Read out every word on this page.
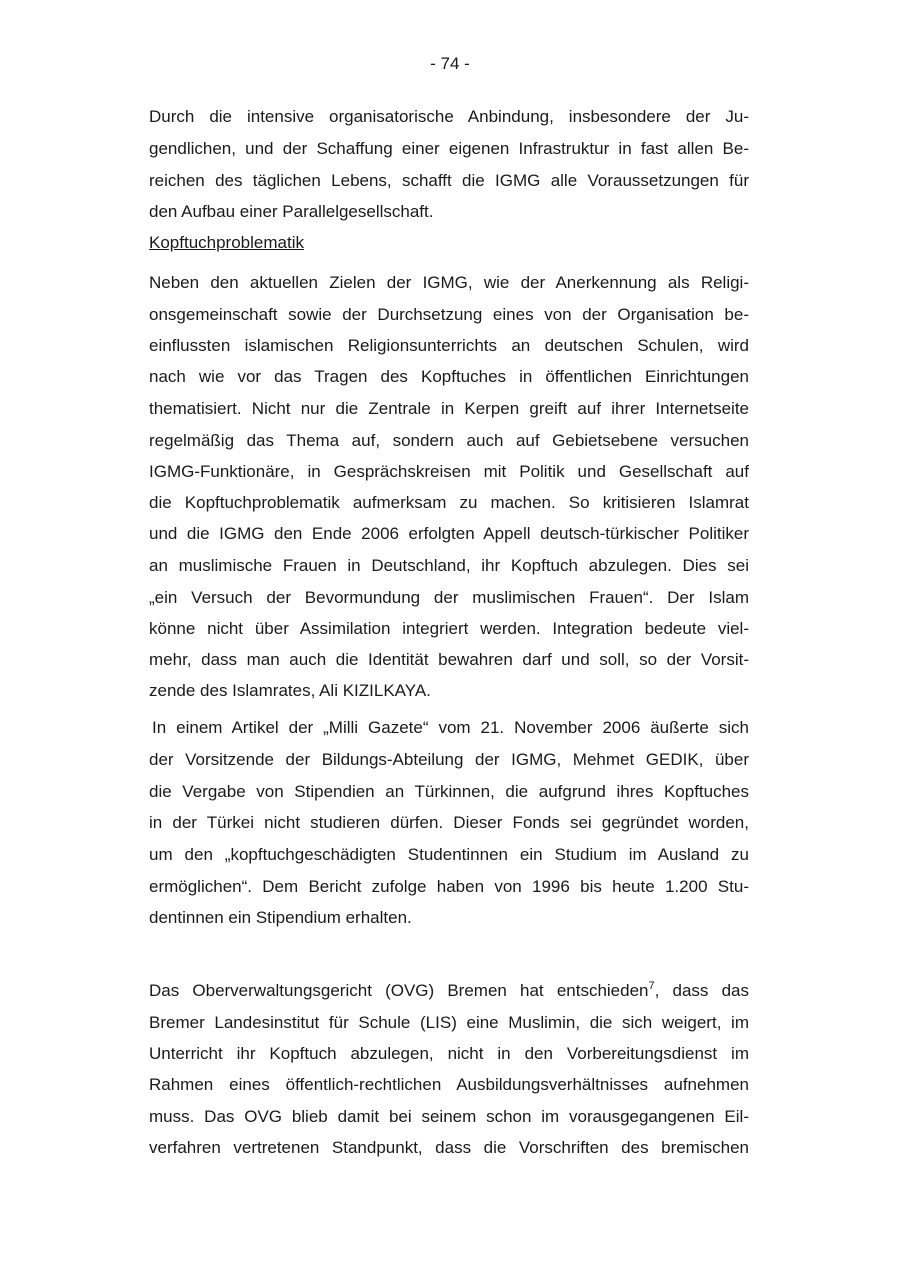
- 74 -
Durch die intensive organisatorische Anbindung, insbesondere der Ju-
gendlichen, und der Schaffung einer eigenen Infrastruktur in fast allen Be-
reichen des täglichen Lebens, schafft die IGMG alle Voraussetzungen für
den Aufbau einer Parallelgesellschaft.
Kopftuchproblematik
Neben den aktuellen Zielen der IGMG, wie der Anerkennung als Religi-
onsgemeinschaft sowie der Durchsetzung eines von der Organisation be-
einflussten islamischen Religionsunterrichts an deutschen Schulen, wird
nach wie vor das Tragen des Kopftuches in öffentlichen Einrichtungen
thematisiert. Nicht nur die Zentrale in Kerpen greift auf ihrer Internetseite
regelmäßig das Thema auf, sondern auch auf Gebietsebene versuchen
IGMG-Funktionäre, in Gesprächskreisen mit Politik und Gesellschaft auf
die Kopftuchproblematik aufmerksam zu machen. So kritisieren Islamrat
und die IGMG den Ende 2006 erfolgten Appell deutsch-türkischer Politiker
an muslimische Frauen in Deutschland, ihr Kopftuch abzulegen. Dies sei
„ein Versuch der Bevormundung der muslimischen Frauen“. Der Islam
könne nicht über Assimilation integriert werden. Integration bedeute viel-
mehr, dass man auch die Identität bewahren darf und soll, so der Vorsit-
zende des Islamrates, Ali KIZILKAYA.
In einem Artikel der „Milli Gazete“ vom 21. November 2006 äußerte sich
der Vorsitzende der Bildungs-Abteilung der IGMG, Mehmet GEDIK, über
die Vergabe von Stipendien an Türkinnen, die aufgrund ihres Kopftuches
in der Türkei nicht studieren dürfen. Dieser Fonds sei gegründet worden,
um den „kopftuchgeschädigten Studentinnen ein Studium im Ausland zu
ermöglichen“. Dem Bericht zufolge haben von 1996 bis heute 1.200 Stu-
dentinnen ein Stipendium erhalten.
Das Oberverwaltungsgericht (OVG) Bremen hat entschieden$^7$, dass das
Bremer Landesinstitut für Schule (LIS) eine Muslimin, die sich weigert, im
Unterricht ihr Kopftuch abzulegen, nicht in den Vorbereitungsdienst im
Rahmen eines öffentlich-rechtlichen Ausbildungsverhältnisses aufnehmen
muss. Das OVG blieb damit bei seinem schon im vorausgegangenen Eil-
verfahren vertretenen Standpunkt, dass die Vorschriften des bremischen
